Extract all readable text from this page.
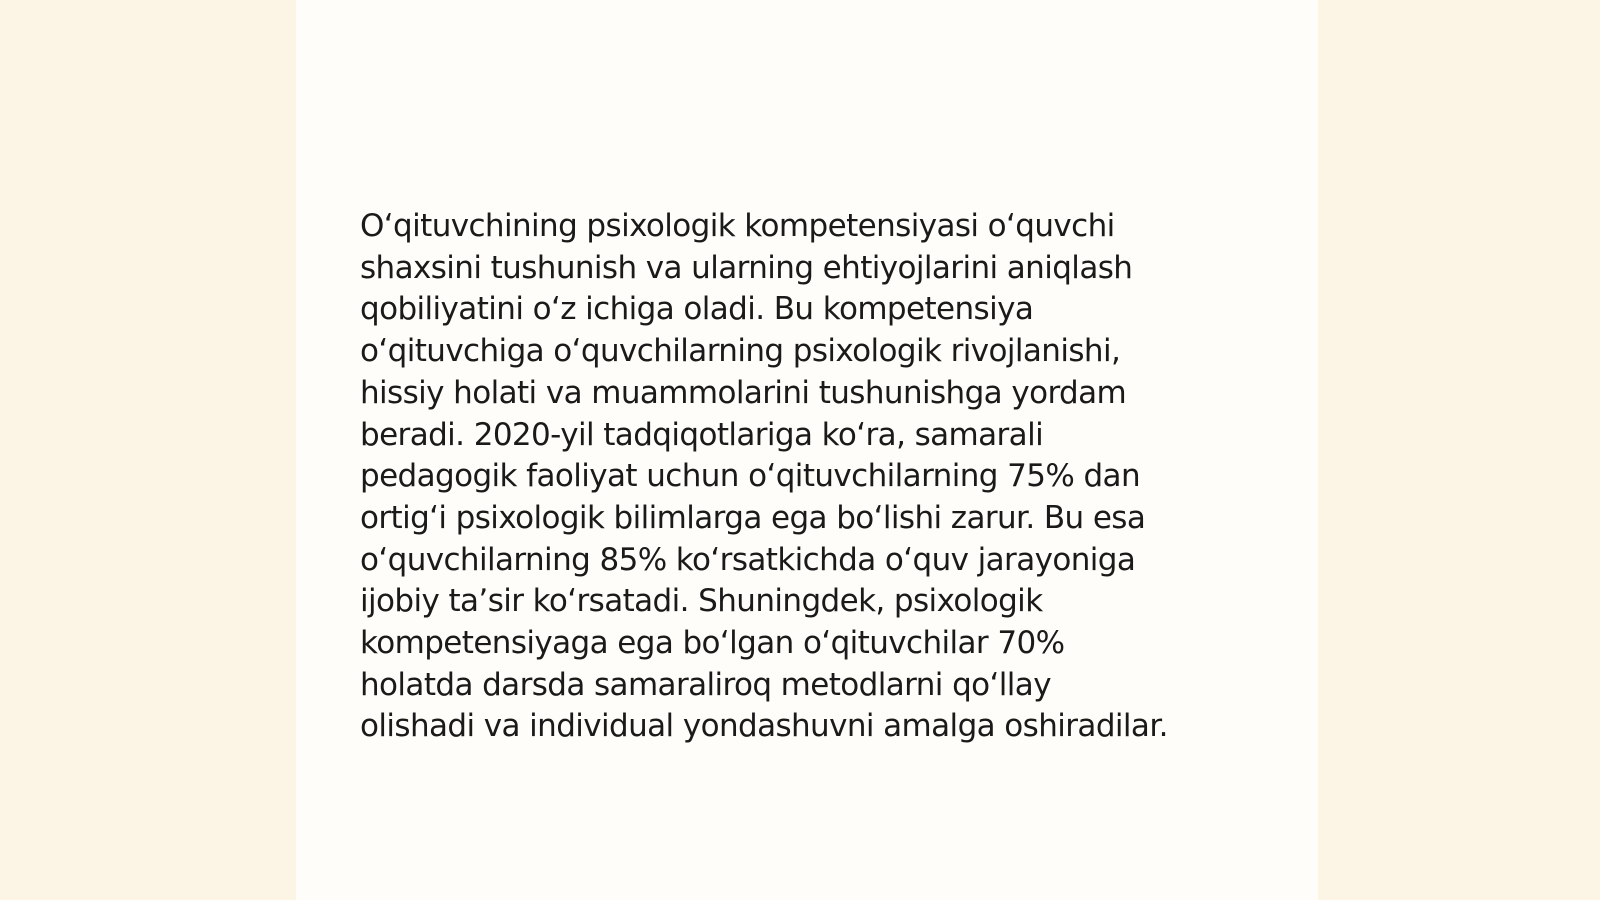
Oʻqituvchining psixologik kompetensiyasi oʻquvchi
shaxsini tushunish va ularning ehtiyojlarini aniqlash
qobiliyatini oʻz ichiga oladi. Bu kompetensiya
oʻqituvchiga oʻquvchilarning psixologik rivojlanishi,
hissiy holati va muammolarini tushunishga yordam
beradi. 2020-yil tadqiqotlariga koʻra, samarali
pedagogik faoliyat uchun oʻqituvchilarning 75% dan
ortigʻi psixologik bilimlarga ega boʻlishi zarur. Bu esa
oʻquvchilarning 85% koʻrsatkichda oʻquv jarayoniga
ijobiy taʼsir koʻrsatadi. Shuningdek, psixologik
kompetensiyaga ega boʻlgan oʻqituvchilar 70%
holatda darsda samaraliroq metodlarni qoʻllay
olishadi va individual yondashuvni amalga oshiradilar.
